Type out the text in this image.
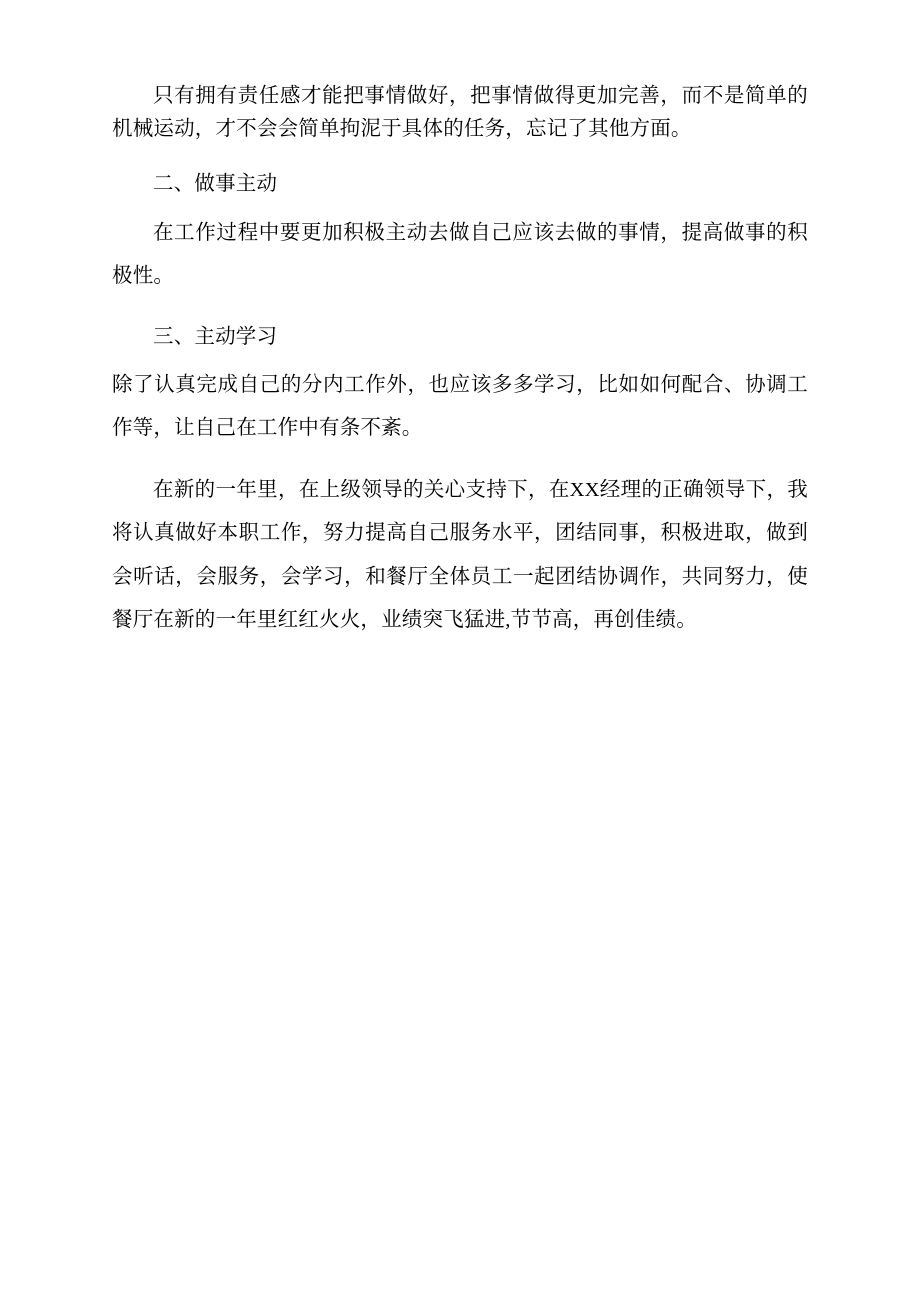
只有拥有责任感才能把事情做好，把事情做得更加完善，而不是简单的机械运动，才不会会简单拘泥于具体的任务，忘记了其他方面。

二、做事主动

在工作过程中要更加积极主动去做自己应该去做的事情，提高做事的积极性。

三、主动学习

除了认真完成自己的分内工作外，也应该多多学习，比如如何配合、协调工作等，让自己在工作中有条不紊。

在新的一年里，在上级领导的关心支持下，在XX经理的正确领导下，我将认真做好本职工作，努力提高自己服务水平，团结同事，积极进取，做到会听话，会服务，会学习，和餐厅全体员工一起团结协调作，共同努力，使餐厅在新的一年里红红火火，业绩突飞猛进,节节高，再创佳绩。
